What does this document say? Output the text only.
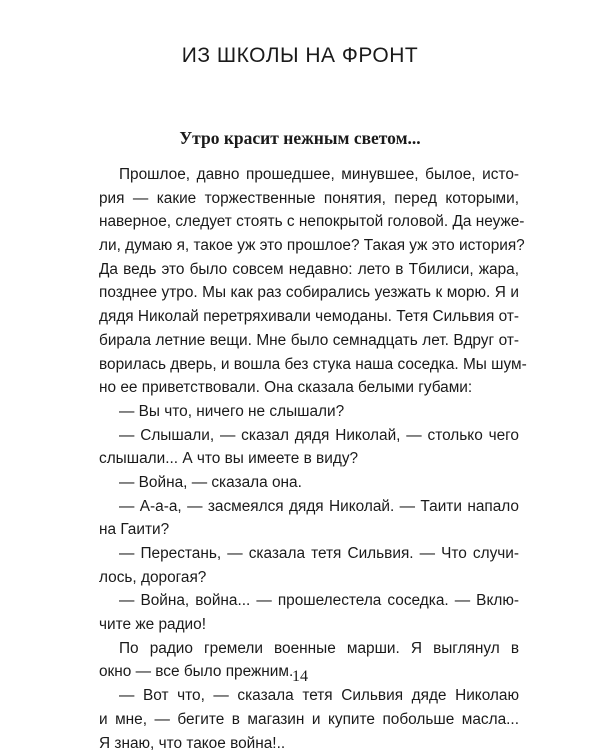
ИЗ ШКОЛЫ НА ФРОНТ
Утро красит нежным светом...
Прошлое, давно прошедшее, минувшее, былое, исто-
рия — какие торжественные понятия, перед которыми,
наверное, следует стоять с непокрытой головой. Да неуже-
ли, думаю я, такое уж это прошлое? Такая уж это история?
Да ведь это было совсем недавно: лето в Тбилиси, жара,
позднее утро. Мы как раз собирались уезжать к морю. Я и
дядя Николай перетряхивали чемоданы. Тетя Сильвия от-
бирала летние вещи. Мне было семнадцать лет. Вдруг от-
ворилась дверь, и вошла без стука наша соседка. Мы шум-
но ее приветствовали. Она сказала белыми губами:
— Вы что, ничего не слышали?
— Слышали, — сказал дядя Николай, — столько чего
слышали... А что вы имеете в виду?
— Война, — сказала она.
— А-а-а, — засмеялся дядя Николай. — Таити напало
на Гаити?
— Перестань, — сказала тетя Сильвия. — Что случи-
лось, дорогая?
— Война, война... — прошелестела соседка. — Вклю-
чите же радио!
По радио гремели военные марши. Я выглянул в
окно — все было прежним.
— Вот что, — сказала тетя Сильвия дяде Николаю
и мне, — бегите в магазин и купите побольше масла...
Я знаю, что такое война!..
14
